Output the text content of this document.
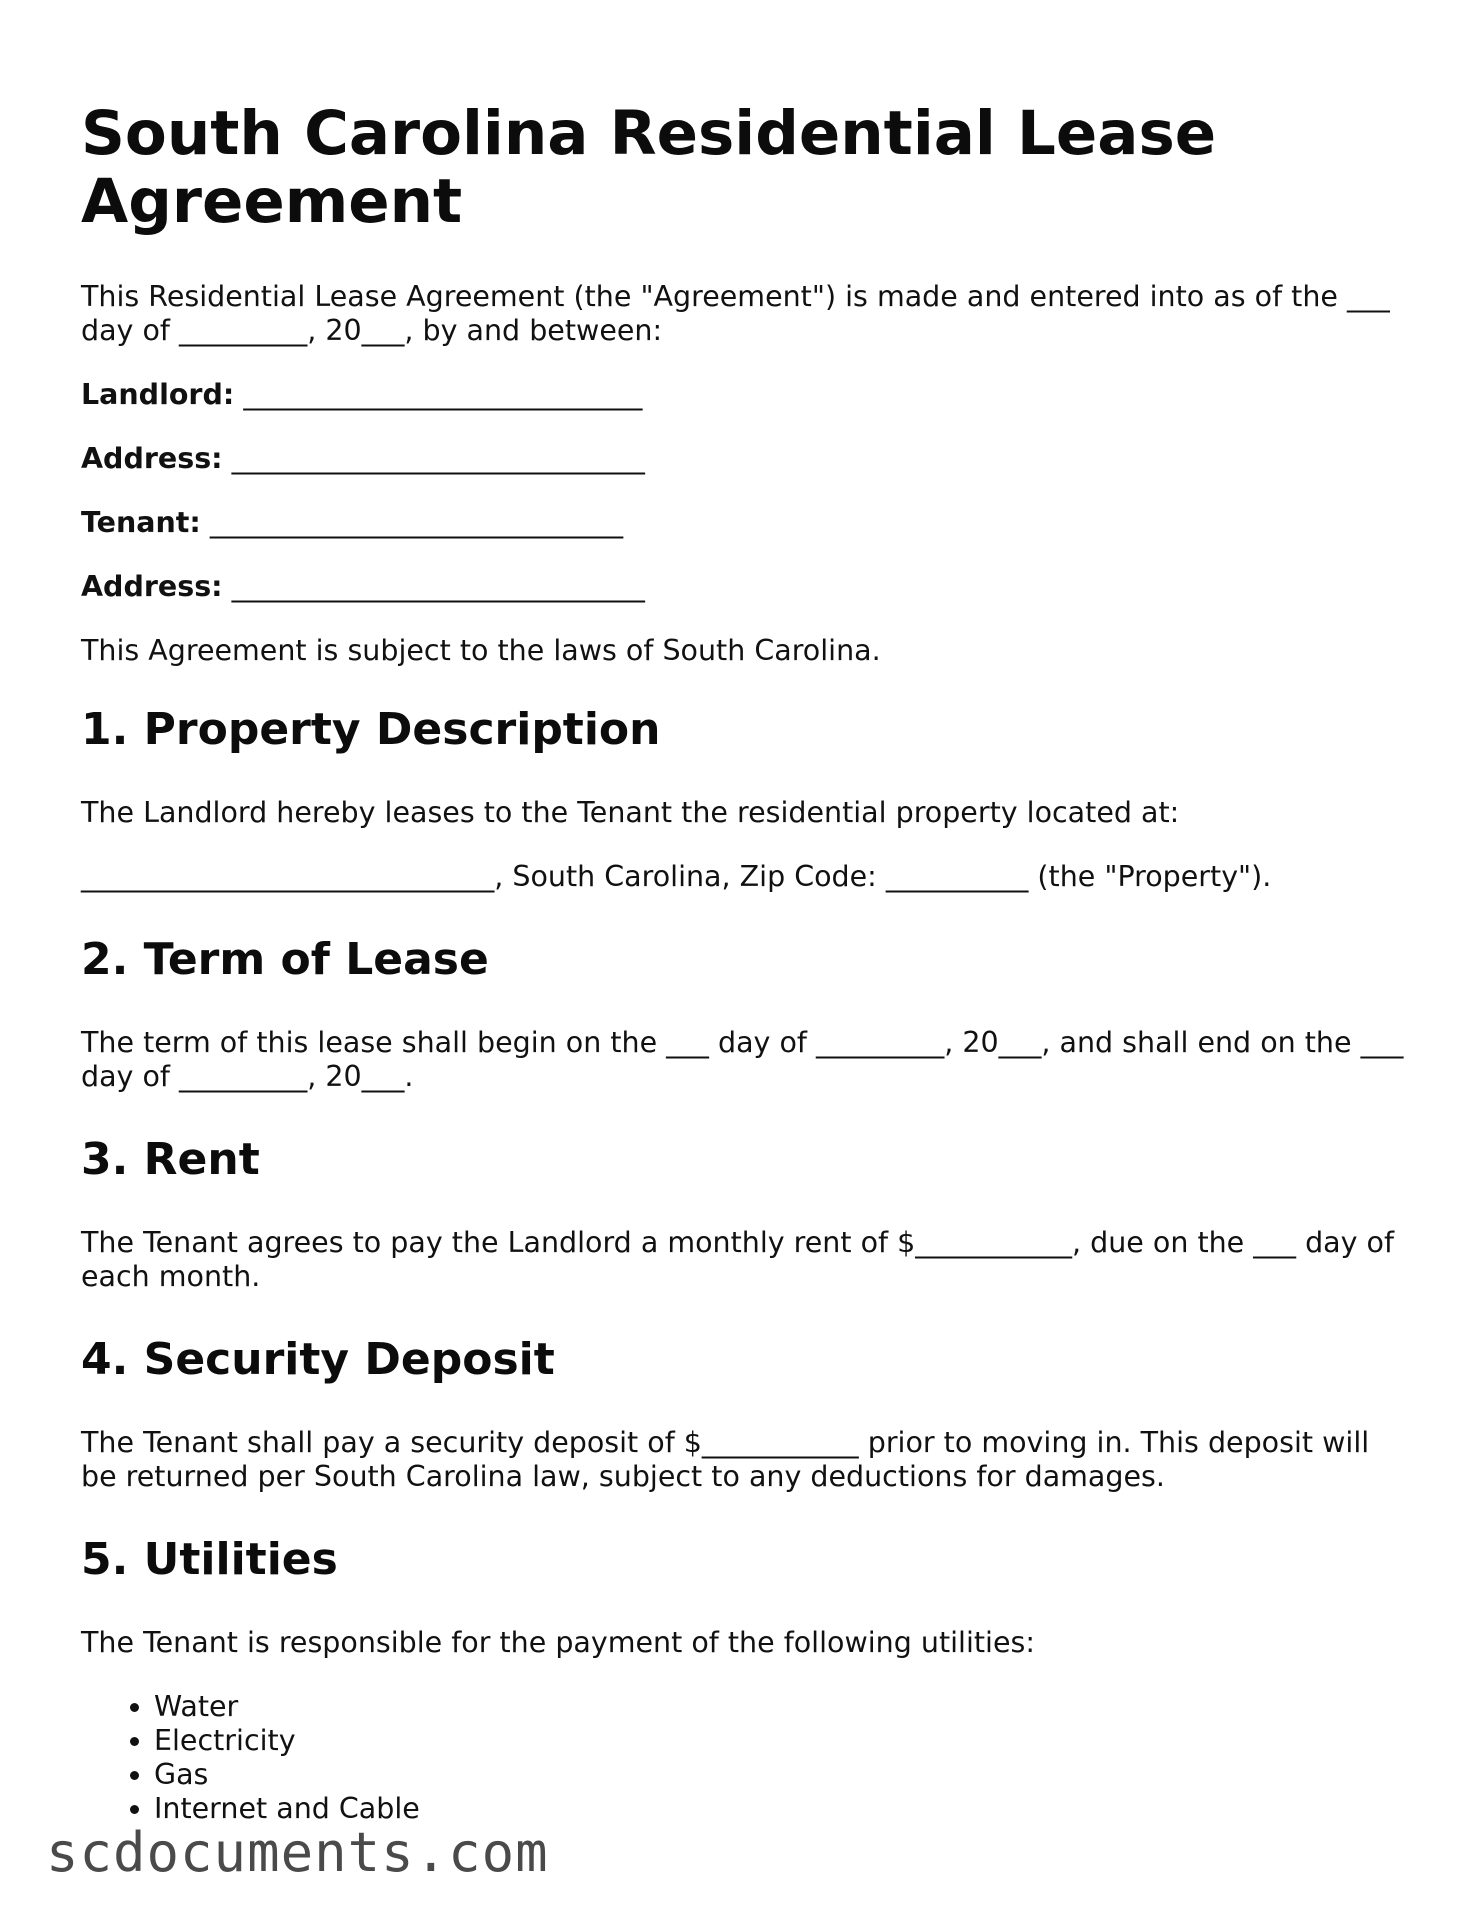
South Carolina Residential Lease Agreement

This Residential Lease Agreement (the "Agreement") is made and entered into as of the ___ day of _________, 20___, by and between:

Landlord: ____________________________
Address: _____________________________
Tenant: _____________________________
Address: _____________________________

This Agreement is subject to the laws of South Carolina.

1. Property Description

The Landlord hereby leases to the Tenant the residential property located at:

_____________________________, South Carolina, Zip Code: __________ (the "Property").

2. Term of Lease

The term of this lease shall begin on the ___ day of _________, 20___, and shall end on the ___ day of _________, 20___.

3. Rent

The Tenant agrees to pay the Landlord a monthly rent of $___________, due on the ___ day of each month.

4. Security Deposit

The Tenant shall pay a security deposit of $___________ prior to moving in. This deposit will be returned per South Carolina law, subject to any deductions for damages.

5. Utilities

The Tenant is responsible for the payment of the following utilities:

• Water
• Electricity
• Gas
• Internet and Cable
scdocuments.com
